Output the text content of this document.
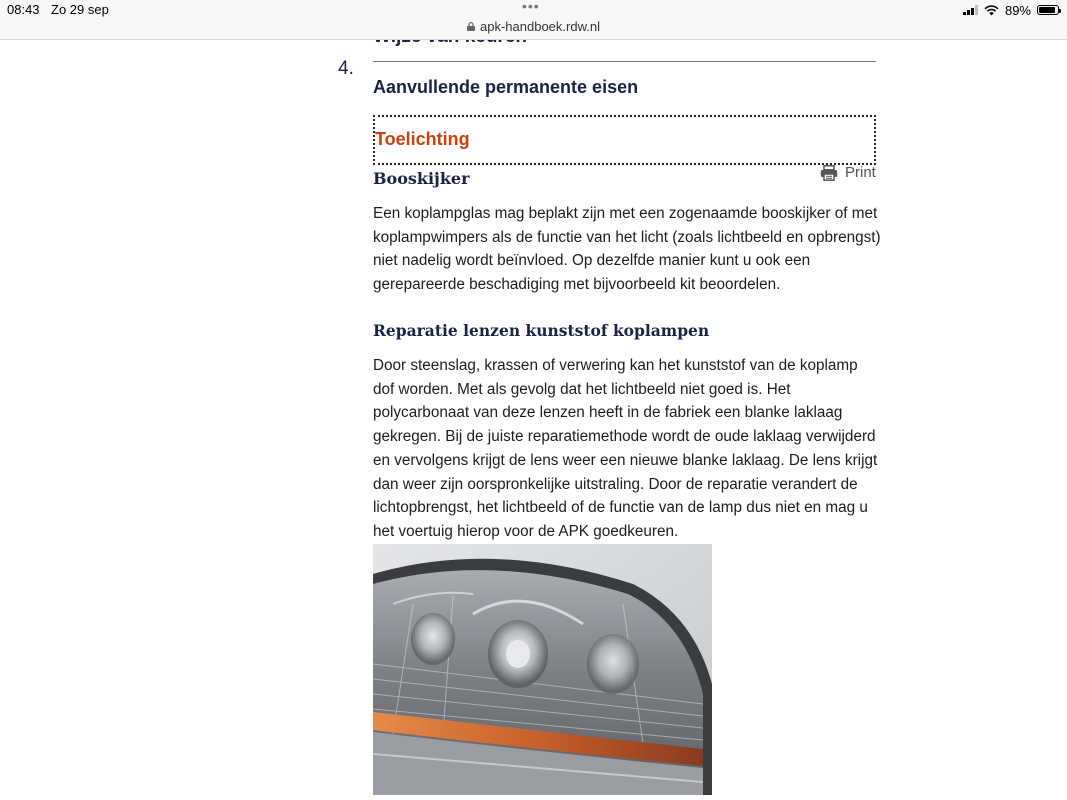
08:43 Zo 29 sep	•••
apk-handboek.rdw.nl
89%
4.
Aanvullende permanente eisen
Toelichting
Print
Booskijker

Een koplampglas mag beplakt zijn met een zogenaamde booskijker of met koplampwimpers als de functie van het licht (zoals lichtbeeld en opbrengst) niet nadelig wordt beïnvloed. Op dezelfde manier kunt u ook een gerepareerde beschadiging met bijvoorbeeld kit beoordelen.

Reparatie lenzen kunststof koplampen

Door steenslag, krassen of verwering kan het kunststof van de koplamp dof worden. Met als gevolg dat het lichtbeeld niet goed is. Het polycarbonaat van deze lenzen heeft in de fabriek een blanke laklaag gekregen. Bij de juiste reparatiemethode wordt de oude laklaag verwijderd en vervolgens krijgt de lens weer een nieuwe blanke laklaag. De lens krijgt dan weer zijn oorspronkelijke uitstraling. Door de reparatie verandert de lichtopbrengst, het lichtbeeld of de functie van de lamp dus niet en mag u het voertuig hierop voor de APK goedkeuren.
